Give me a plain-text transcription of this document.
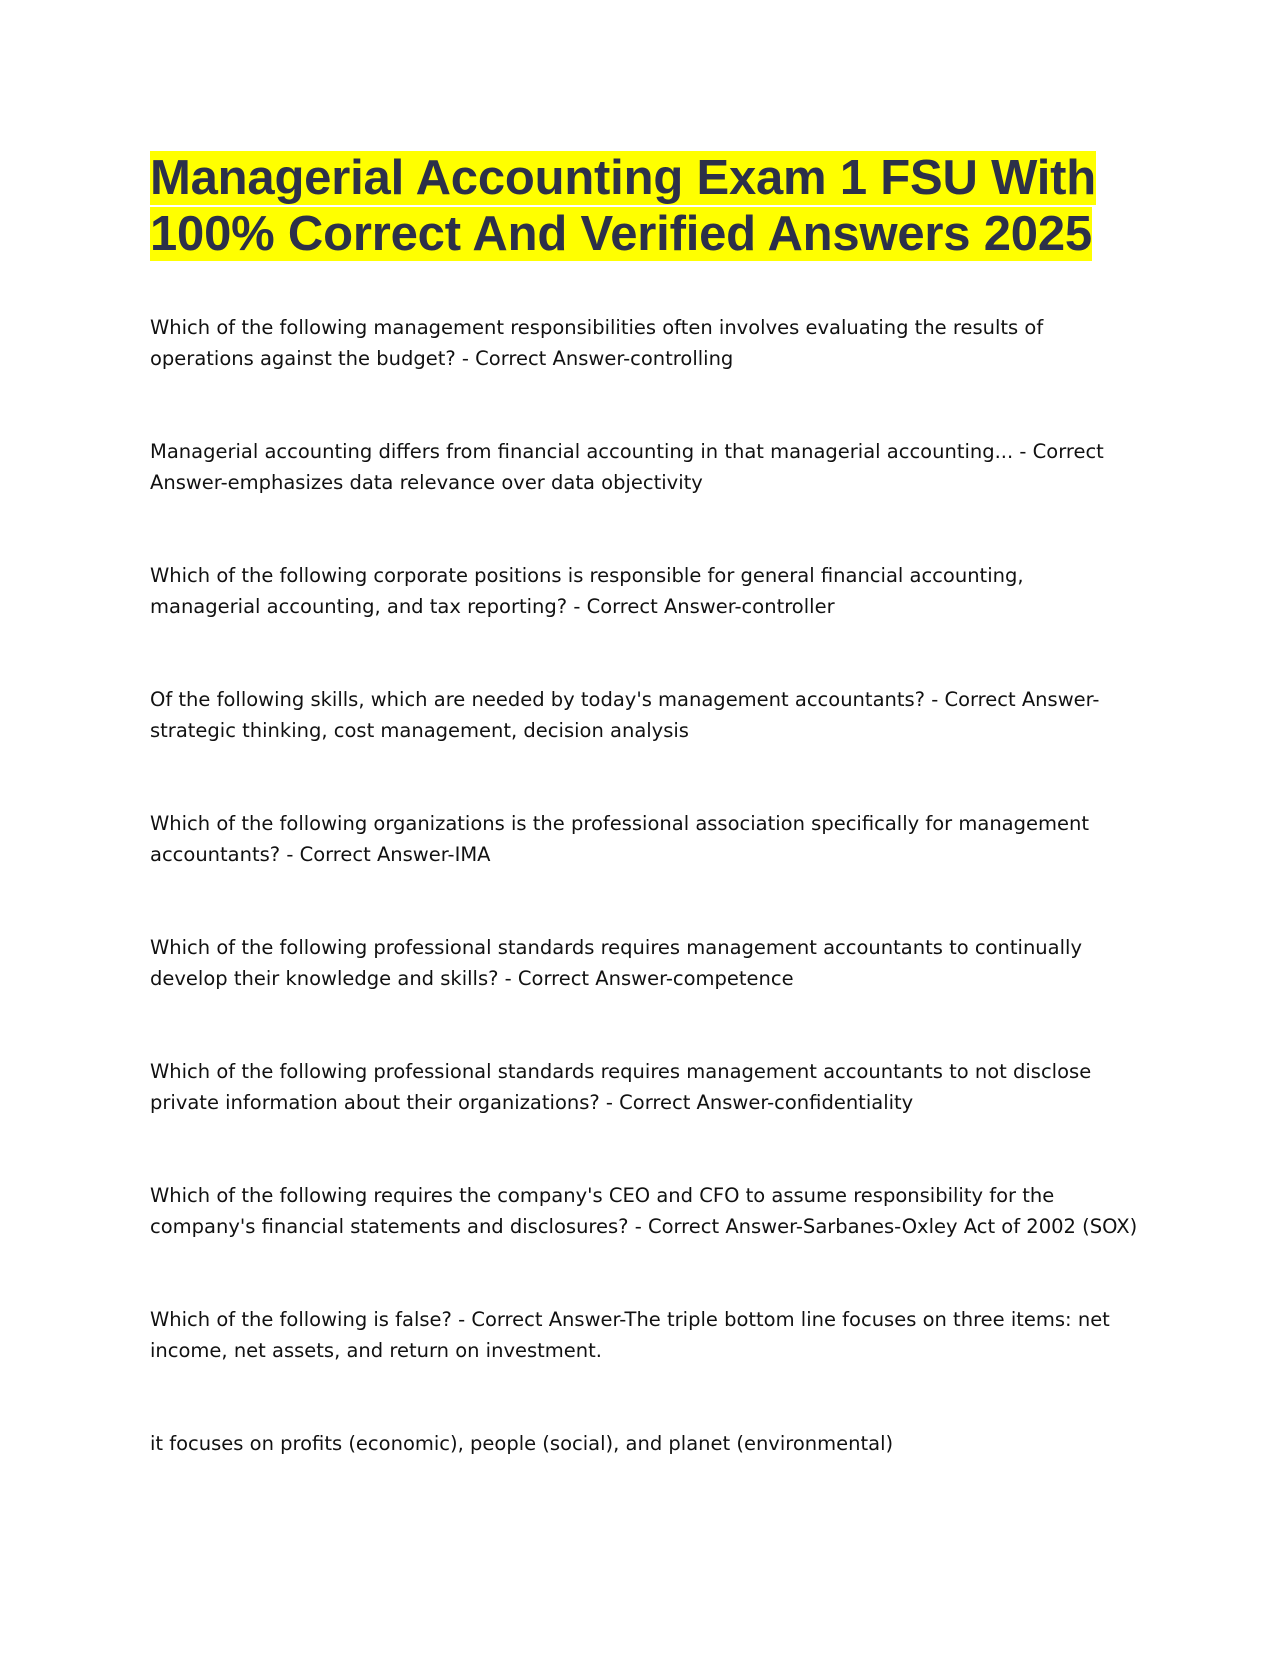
Managerial Accounting Exam 1 FSU With 100% Correct And Verified Answers 2025

Which of the following management responsibilities often involves evaluating the results of operations against the budget? - Correct Answer-controlling

Managerial accounting differs from financial accounting in that managerial accounting... - Correct Answer-emphasizes data relevance over data objectivity

Which of the following corporate positions is responsible for general financial accounting, managerial accounting, and tax reporting? - Correct Answer-controller

Of the following skills, which are needed by today's management accountants? - Correct Answer-strategic thinking, cost management, decision analysis

Which of the following organizations is the professional association specifically for management accountants? - Correct Answer-IMA

Which of the following professional standards requires management accountants to continually develop their knowledge and skills? - Correct Answer-competence

Which of the following professional standards requires management accountants to not disclose private information about their organizations? - Correct Answer-confidentiality

Which of the following requires the company's CEO and CFO to assume responsibility for the company's financial statements and disclosures? - Correct Answer-Sarbanes-Oxley Act of 2002 (SOX)

Which of the following is false? - Correct Answer-The triple bottom line focuses on three items: net income, net assets, and return on investment.

it focuses on profits (economic), people (social), and planet (environmental)
